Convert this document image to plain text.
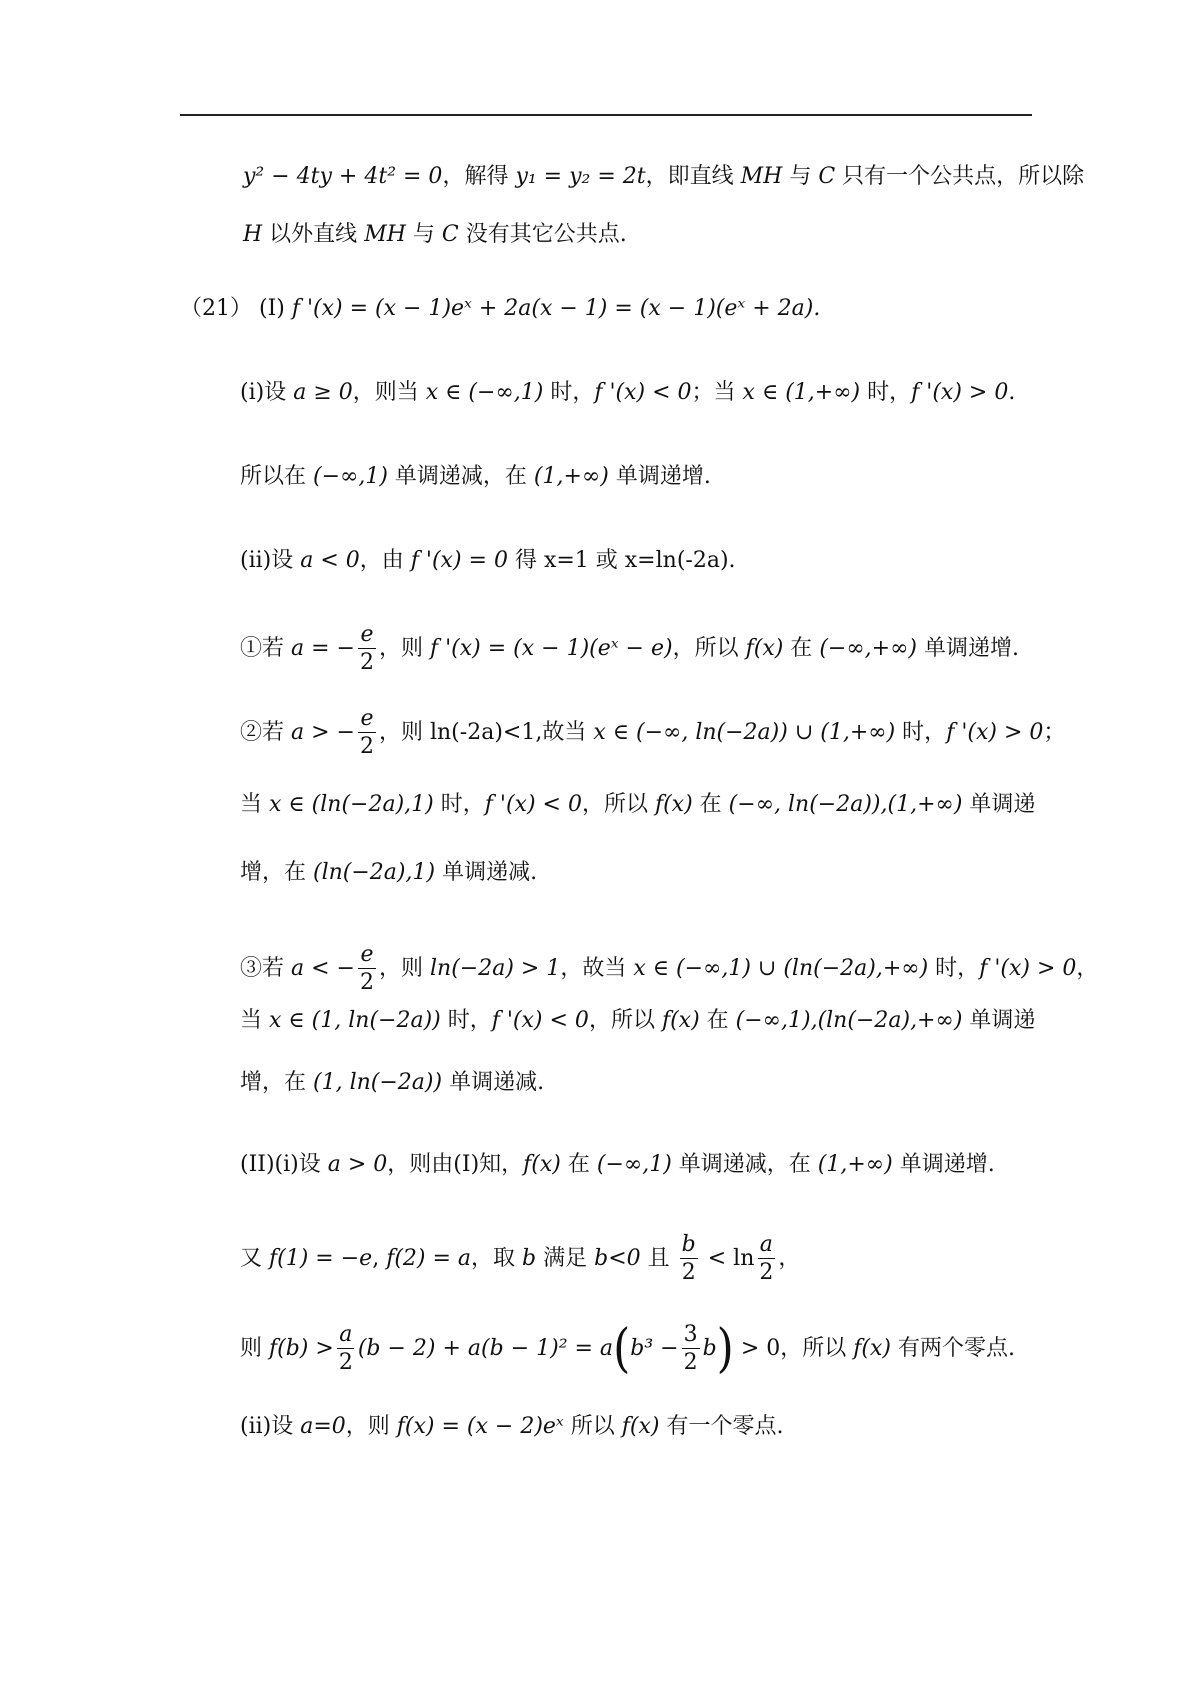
y² − 4ty + 4t² = 0，解得 y₁ = y₂ = 2t，即直线 MH 与 C 只有一个公共点，所以除
H 以外直线 MH 与 C 没有其它公共点.
（21） (I) f '(x) = (x − 1)eˣ + 2a(x − 1) = (x − 1)(eˣ + 2a).
(i)设 a ≥ 0，则当 x ∈ (−∞,1) 时，f '(x) < 0；当 x ∈ (1,+∞) 时，f '(x) > 0.
所以在 (−∞,1) 单调递减，在 (1,+∞) 单调递增.
(ii)设 a < 0，由 f '(x) = 0 得 x=1 或 x=ln(-2a).
①若 a = − $\frac{e}{2}$ ，则 f '(x) = (x − 1)(eˣ − e)，所以 f(x) 在 (−∞,+∞) 单调递增.
②若 a > − $\frac{e}{2}$ ，则 ln(-2a)<1,故当 x ∈ (−∞, ln(−2a)) ∪ (1,+∞) 时，f '(x) > 0；
当 x ∈ (ln(−2a),1) 时，f '(x) < 0，所以 f(x) 在 (−∞, ln(−2a)),(1,+∞) 单调递
增，在 (ln(−2a),1) 单调递减.
③若 a < − $\frac{e}{2}$ ，则 ln(−2a) > 1，故当 x ∈ (−∞,1) ∪ (ln(−2a),+∞) 时，f '(x) > 0，
当 x ∈ (1, ln(−2a)) 时，f '(x) < 0，所以 f(x) 在 (−∞,1),(ln(−2a),+∞) 单调递
增，在 (1, ln(−2a)) 单调递减.
(II)(i)设 a > 0，则由(I)知，f(x) 在 (−∞,1) 单调递减，在 (1,+∞) 单调递增.
又 f(1) = −e, f(2) = a，取 b 满足 b<0 且 $\frac{b}{2} < \ln \frac{a}{2}$ ，
则 $f(b) > \frac{a}{2} (b - 2) + a(b - 1)^2 = a(b^3 - \frac{3}{2} b) > 0$，所以 f(x) 有两个零点.
(ii)设 a=0，则 f(x) = (x − 2)eˣ 所以 f(x) 有一个零点.
